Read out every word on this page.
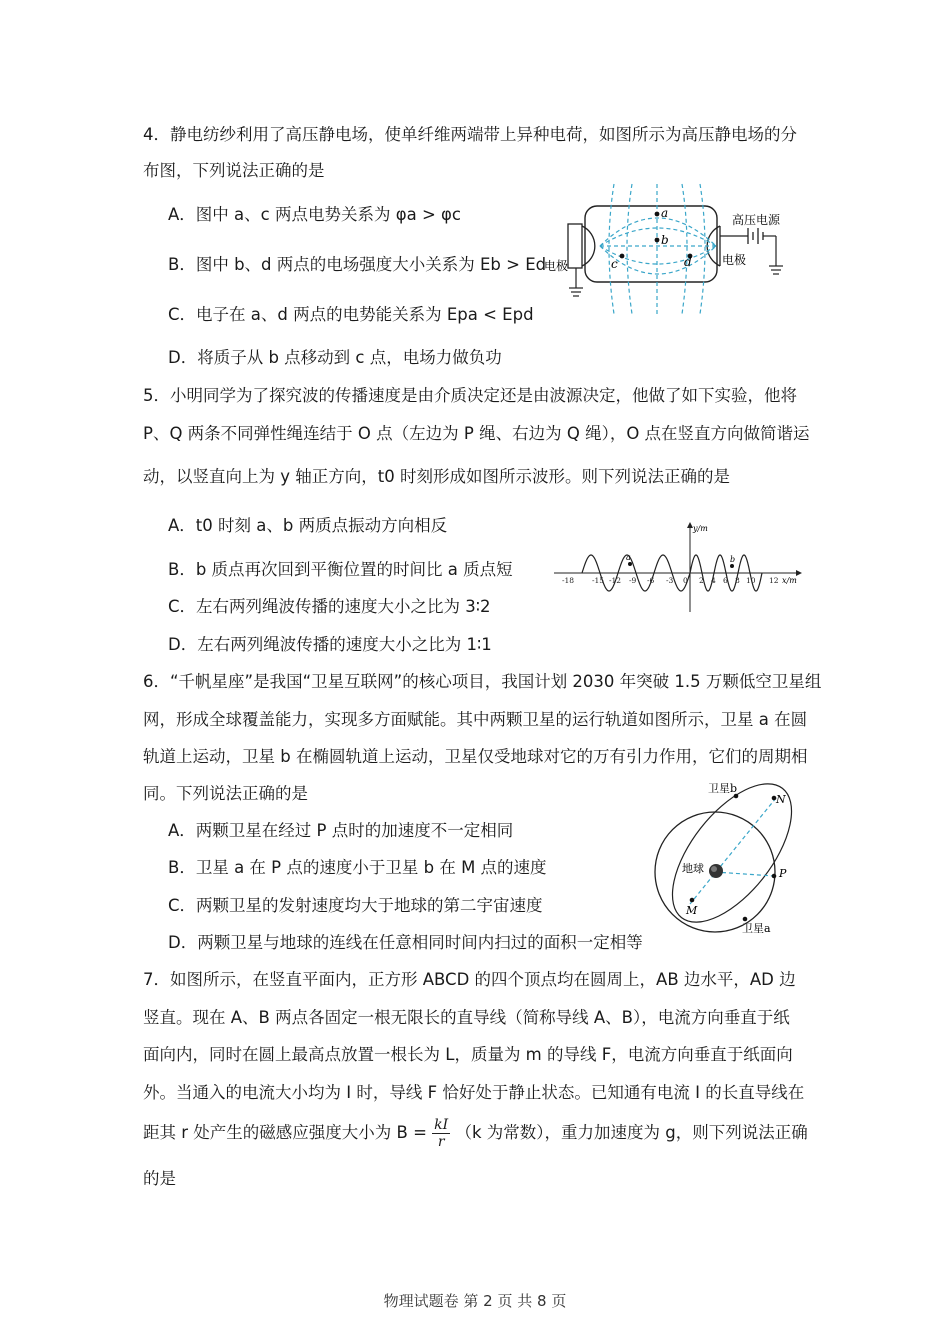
4．静电纺纱利用了高压静电场，使单纤维两端带上异种电荷，如图所示为高压静电场的分
布图，下列说法正确的是
A．图中 a、c 两点电势关系为 φa > φc
B．图中 b、d 两点的电场强度大小关系为 Eb > Ed
C．电子在 a、d 两点的电势能关系为 Epa < Epd
D．将质子从 b 点移动到 c 点，电场力做负功
a
b
c	d
高压电源
电极	电极
5．小明同学为了探究波的传播速度是由介质决定还是由波源决定，他做了如下实验，他将
P、Q 两条不同弹性绳连结于 O 点（左边为 P 绳、右边为 Q 绳），O 点在竖直方向做简谐运
动，以竖直向上为 y 轴正方向，t0 时刻形成如图所示波形。则下列说法正确的是
A．t0 时刻 a、b 两质点振动方向相反
B．b 质点再次回到平衡位置的时间比 a 质点短
C．左右两列绳波传播的速度大小之比为 3∶2
D．左右两列绳波传播的速度大小之比为 1∶1
y/m
x/m
-18 -15 -12 -9 -6 -3 0 2 4 6 8 10 12
a	b
6．“千帆星座”是我国“卫星互联网”的核心项目，我国计划 2030 年突破 1.5 万颗低空卫星组
网，形成全球覆盖能力，实现多方面赋能。其中两颗卫星的运行轨道如图所示，卫星 a 在圆
轨道上运动，卫星 b 在椭圆轨道上运动，卫星仅受地球对它的万有引力作用，它们的周期相
同。下列说法正确的是
A．两颗卫星在经过 P 点时的加速度不一定相同
B．卫星 a 在 P 点的速度小于卫星 b 在 M 点的速度
C．两颗卫星的发射速度均大于地球的第二宇宙速度
D．两颗卫星与地球的连线在任意相同时间内扫过的面积一定相等
卫星b
N
地球	P
M
卫星a
7．如图所示，在竖直平面内，正方形 ABCD 的四个顶点均在圆周上，AB 边水平，AD 边
竖直。现在 A、B 两点各固定一根无限长的直导线（简称导线 A、B），电流方向垂直于纸
面向内，同时在圆上最高点放置一根长为 L，质量为 m 的导线 F，电流方向垂直于纸面向
外。当通入的电流大小均为 I 时，导线 F 恰好处于静止状态。已知通有电流 I 的长直导线在
距其 r 处产生的磁感应强度大小为 $B = \frac{kI}{r} (k$ 为常数），重力加速度为 g，则下列说法正确
的是
物理试题卷 第 2 页 共 8 页
